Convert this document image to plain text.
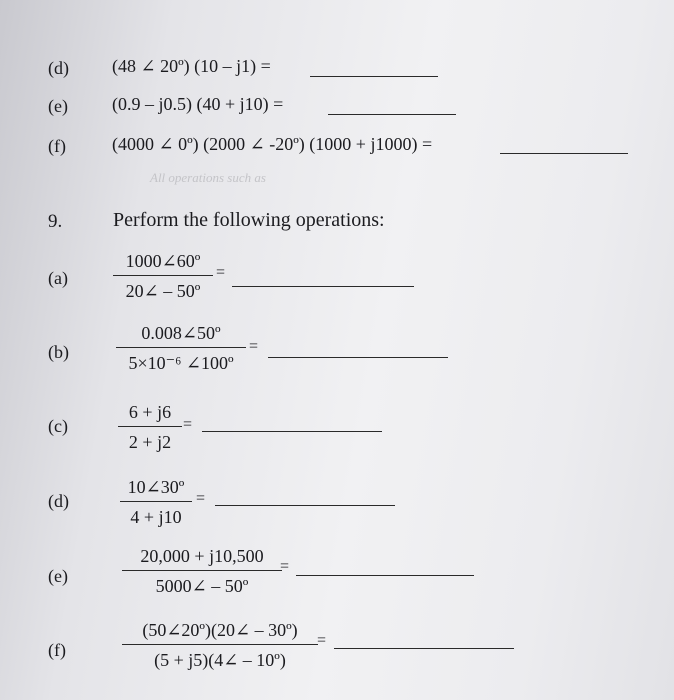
(d) (48 ∠ 20º) (10 – j1) =
(e) (0.9 – j0.5) (40 + j10) =
(f)	(4000 ∠ 0º) (2000 ∠ -20º) (1000 + j1000) =
All operations such as
9.	Perform the following operations:
(a)
1000∠60º
20∠ – 50º
=
(b)
0.008∠50º
5×10⁻⁶ ∠100º
=
(c)
6 + j6
2 + j2
=
(d)
10∠30º
4 + j10
=
(e)
20,000 + j10,500
5000∠ – 50º
=
(f)
(50∠20º)(20∠ – 30º)
(5 + j5)(4∠ – 10º)
=
